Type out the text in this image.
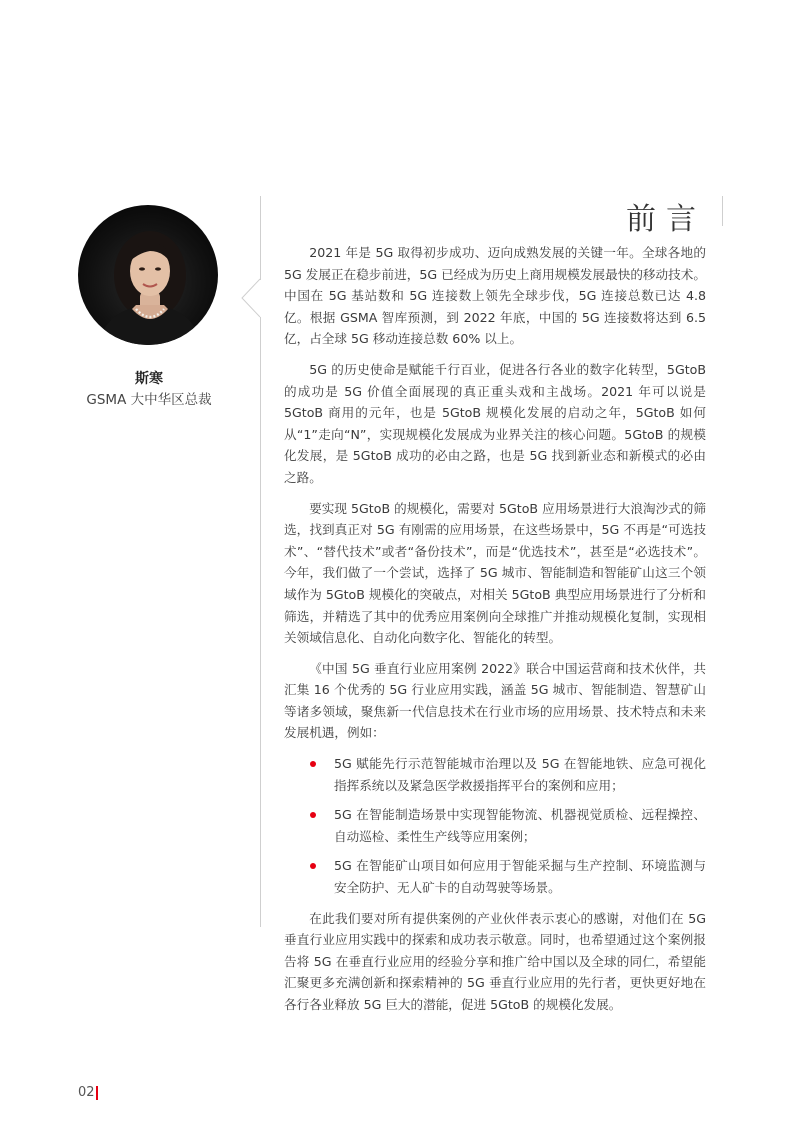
斯寒
GSMA 大中华区总裁
前言

2021 年是 5G 取得初步成功、迈向成熟发展的关键一年。全球各地的 5G 发展正在稳步前进，5G 已经成为历史上商用规模发展最快的移动技术。中国在 5G 基站数和 5G 连接数上领先全球步伐，5G 连接总数已达 4.8 亿。根据 GSMA 智库预测，到 2022 年底，中国的 5G 连接数将达到 6.5 亿，占全球 5G 移动连接总数 60% 以上。

5G 的历史使命是赋能千行百业，促进各行各业的数字化转型，5GtoB 的成功是 5G 价值全面展现的真正重头戏和主战场。2021 年可以说是 5GtoB 商用的元年，也是 5GtoB 规模化发展的启动之年，5GtoB 如何从“1”走向“N”，实现规模化发展成为业界关注的核心问题。5GtoB 的规模化发展，是 5GtoB 成功的必由之路，也是 5G 找到新业态和新模式的必由之路。

要实现 5GtoB 的规模化，需要对 5GtoB 应用场景进行大浪淘沙式的筛选，找到真正对 5G 有刚需的应用场景，在这些场景中，5G 不再是“可选技术”、“替代技术”或者“备份技术”，而是“优选技术”，甚至是“必选技术”。今年，我们做了一个尝试，选择了 5G 城市、智能制造和智能矿山这三个领域作为 5GtoB 规模化的突破点，对相关 5GtoB 典型应用场景进行了分析和筛选，并精选了其中的优秀应用案例向全球推广并推动规模化复制，实现相关领域信息化、自动化向数字化、智能化的转型。

《中国 5G 垂直行业应用案例 2022》联合中国运营商和技术伙伴，共汇集 16 个优秀的 5G 行业应用实践，涵盖 5G 城市、智能制造、智慧矿山等诸多领域，聚焦新一代信息技术在行业市场的应用场景、技术特点和未来发展机遇，例如：

5G 赋能先行示范智能城市治理以及 5G 在智能地铁、应急可视化指挥系统以及紧急医学救援指挥平台的案例和应用；
5G 在智能制造场景中实现智能物流、机器视觉质检、远程操控、自动巡检、柔性生产线等应用案例；
5G 在智能矿山项目如何应用于智能采掘与生产控制、环境监测与安全防护、无人矿卡的自动驾驶等场景。

在此我们要对所有提供案例的产业伙伴表示衷心的感谢，对他们在 5G 垂直行业应用实践中的探索和成功表示敬意。同时，也希望通过这个案例报告将 5G 在垂直行业应用的经验分享和推广给中国以及全球的同仁，希望能汇聚更多充满创新和探索精神的 5G 垂直行业应用的先行者，更快更好地在各行各业释放 5G 巨大的潜能，促进 5GtoB 的规模化发展。

02
